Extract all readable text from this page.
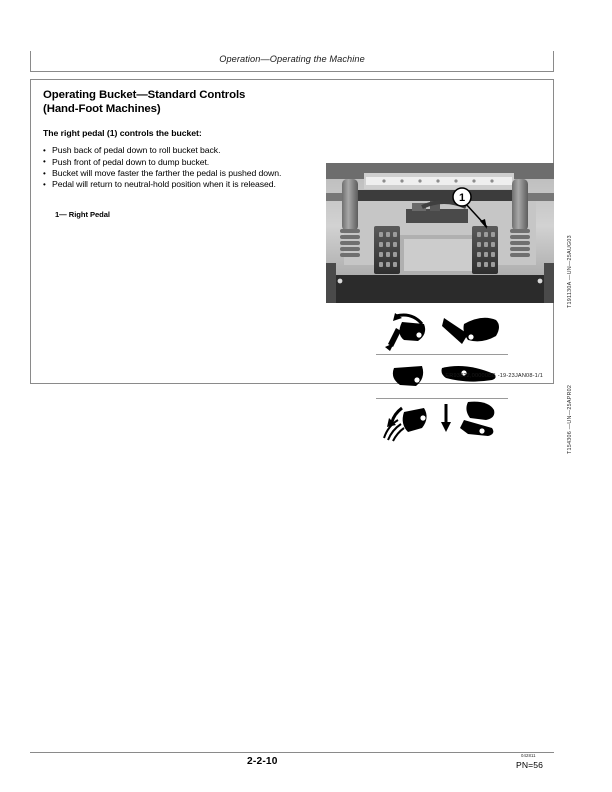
Operation—Operating the Machine
Operating Bucket—Standard Controls
(Hand-Foot Machines)

The right pedal (1) controls the bucket:

• Push back of pedal down to roll bucket back.
• Push front of pedal down to dump bucket.
• Bucket will move faster the farther the pedal is pushed down.
• Pedal will return to neutral-hold position when it is released.
1— Right Pedal
1
T191130A —UN—25AUG03
T154306 —UN—25APR02
ER93822,00000BB -19-23JAN08-1/1
2-2-10
042811
PN=56
